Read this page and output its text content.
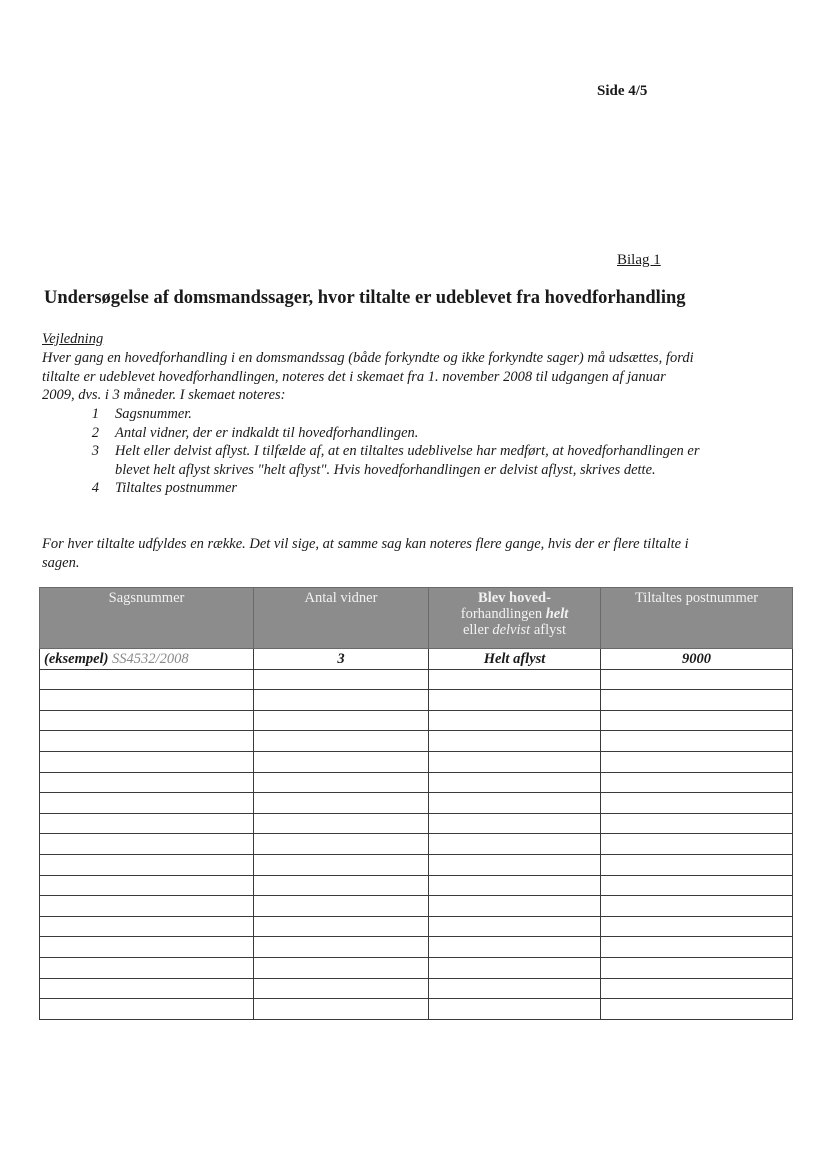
Side 4/5
Bilag 1
Undersøgelse af domsmandssager, hvor tiltalte er udeblevet fra hovedforhandling
Vejledning

Hver gang en hovedforhandling i en domsmandssag (både forkyndte og ikke forkyndte sager) må udsættes, fordi tiltalte er udeblevet hovedforhandlingen, noteres det i skemaet fra 1. november 2008 til udgangen af januar 2009, dvs. i 3 måneder. I skemaet noteres:

1	Sagsnummer.
2	Antal vidner, der er indkaldt til hovedforhandlingen.
3	Helt eller delvist aflyst. I tilfælde af, at en tiltaltes udeblivelse har medført, at hovedforhandlingen er blevet helt aflyst skrives "helt aflyst". Hvis hovedforhandlingen er delvist aflyst, skrives dette.
4	Tiltaltes postnummer

For hver tiltalte udfyldes en række. Det vil sige, at samme sag kan noteres flere gange, hvis der er flere tiltalte i sagen.

Sagsnummer	Antal vidner	Blev hoved-
forhandlingen helt
eller delvist aflyst	Tiltaltes postnummer
(eksempel) SS4532/2008	3	Helt aflyst	9000
